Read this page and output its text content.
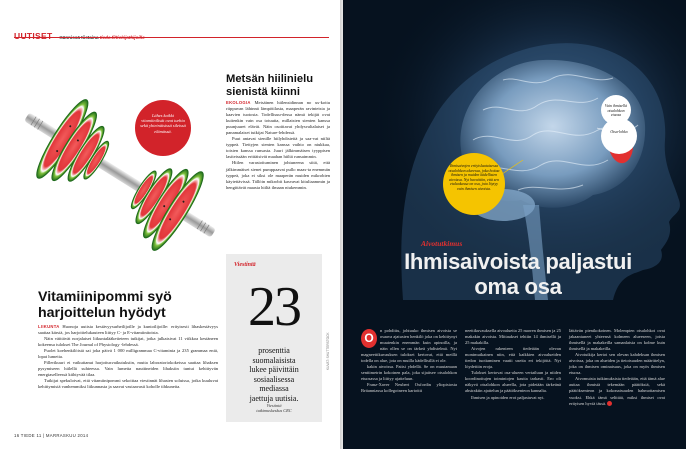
UUTISET Kännissä tiistaina tiede.fi/tiekijatkijoille
Lähes kaikki vitamiinilisät ovat turhia sekä yhteinäisissä sileissä elämässä.
Metsän hiilinielu sienistä kiinni

EKOLOGIA Metsäinen hiilensidinnan no us-kottu riippuvan lähinnä lämpötilasta, maaperän ravinteista ja kaavien tuotosta. Todellisuu-dessa nämä tekijät ovat kuitenkin vain osa totuutta, millaisten sienten kanssa puunjuuret elävät. Näin osoittavat yhdysvaltalaiset ja panamalaiset tutkijat Nature-lehdessä.

Puut antavat sienille hiilyhdisteitä ja saa-vat niiltä typpeä. Tiettyjen sienten kanssa vaihto on niukkaa, toisten kanssa runsasta. Juuri jälkimmäisen tyyppisen lasiteissään erittäisivät maahan hiiltä runsaimmin.

Hiilen varastoituminen johtuneena siitä, että jälkimmäiset sienet pumppaavat pullo maas-ta enemmän typpeä, joka ei siksi ole maaperän muiden mikrobien käytettävissä. Tällöin mikrobit kasvavat kituliaammin ja hengittävät maasta hiiltä ilmaan niukemmin.

Viestintä
23
prosenttia
suomalaisista
lukee päivittäin
sosiaalisessa
mediassa
jaettuja uutisia.
Viestintä
tutkimuskeskus CRC
KUVAT: SHUTTERSTOCK
Vitamiinipommi syö harjoittelun hyödyt

LIIKUNTA Huonoja uutisia kestävyysurheilijoille ja kuntoilijoille: erityisesti lihaskestävyys saattaa kärsiä, jos harjoittelukauteen liittyy C- ja E-vitamiinitoista.

Näin väittävät norjalaiset liikuntalääketieteen tutkijat, jotka julkaisivat 11 viikkoa kestäneen kokeensa tulokset The Journal of Physiology -lehdessä.

Puolet koehenkilöistä sai joka päivä 1 000 milligrammaa C-vitaminia ja 235 grammaa eniä, lopat lumetta.

Pillerikuuri ei vaikuttanut harjoitusvaikutuksiin, mutta laboratoriokokeissa saattaa lihaksen pysymiseen hiilellä suhteessa. Vain lumetta nauttineiden lihaksiin tuntui kehittyvän energiaselleessä kiihtyvää tilaa.

Tutkijat spekuloivat, että vitamiinipommi sekoittaa viestinnät lihasten soluissa, jotka kuuluvat kehittymistä vanhemmiksi liikunnasta ja saavat vastaavasti koholle tihkuneita.

16 TIEDE 11 | MARRASKUU 2014
Vain ihmisellä otsalohkon etuosa
Otsa-lohko
Ihmisaivojen erityislaatuisessa otsalohkon alueessa, joka hoitaa ihmisen ja muiden kädellisten aivoissa. Nyt havaittiin, että sen etuluokassa on osa, jota löytyy vain ihmisen aivoista.
Aivotutkimus
Ihmisaivoista paljastui oma osa

O
n pohdittu, johtuuko ihmisen aivoista se osaava ajatusten henkilö joka on kehittynyt muutenkin enemmän kuin apinoilla, ja näin ollen se on tärkeä yhdistelmä. Nyt magneettikuvauksen tulokset kertovat, että meillä todella on alue, jota on muilla kädellisillä ei ole.

kakin aivoissa. Paitsi yhdellä. Se on muutamaan senttimetrin kokoinen pala, joka sijaitsee otsalohkon etuosassa ja liittyy ajatteluun.

Franz-Xaver Neubert Oxfordin yliopistosta Britanniassa kollegoineen kartoitti

neettikuvauksella aivoalueita 25 nuoren ihmisen ja 25 makakin aivoista. Mittaukset tehtiin 14 ihmisellä ja 25 makakilla.

Aivojen rakenteen tiedetään olevan monimutkainen niin, että kaikkien aivoalueiden tiedon tuottaminen vaatii useita eri tekijöitä. Nyt löydettiin eroja.

Tulokset kertovat osa-alueen vertailuun ja niiden koordinoitujen toimintojen kautta tarkasti. Ero oli näkyvä otsalohkon alueella, jota pidetään tärkeänä abstraktin ajattelun ja päätöksenteon kannalta.

Ihmisen ja apinoiden erot paljastuvat nyt.

lättävän pienikokoinen. Molempien otsalohkot ovat jakaantuneet yhteensä kolmeen alueeseen, joista ihmisellä ja makakeilla samanlaisia on kolme kuin ihmisellä ja makakeilla.

Aivotutkija kertoi sen olevan kahdeksan ihmisen aivoissa, joka on alueiden ja tietoisuuden määrittelyn, joka on ihmisen ominaisuus, joka on myös ihmisen etuosa.

Aivomuista tutkimuksista tiedetään, että tämä alue auttaa ihmistä tekemään päätöksiä, sekä päätöksenteon ja kokonaisuuden hahmottamisen vuoksi. Ehkä tämä selittää, miksi ihmiset ovat erityisen hyviä tässä.
